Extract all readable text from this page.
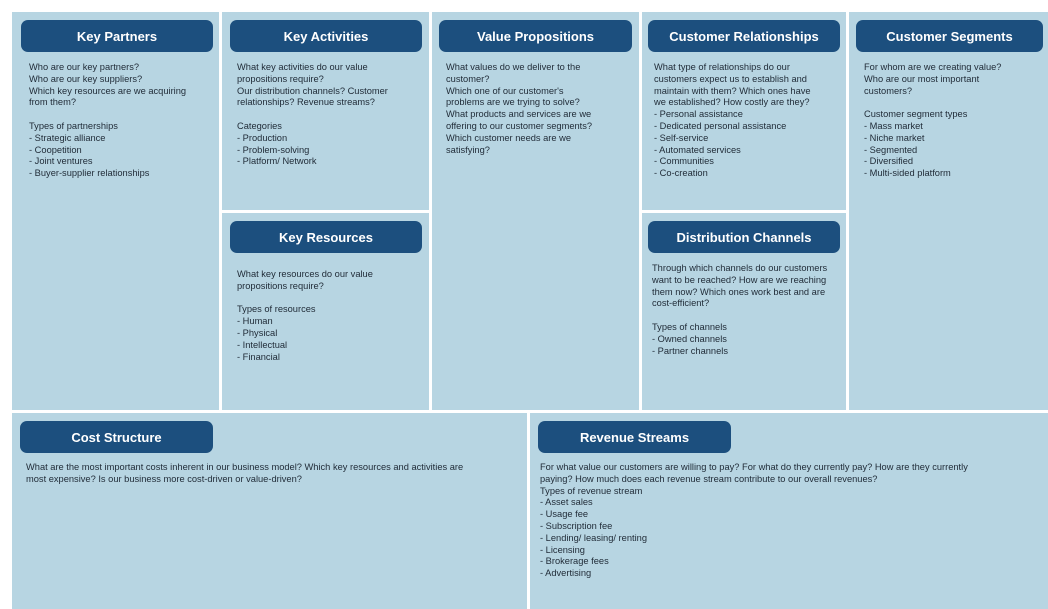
Key Partners

Who are our key partners?

Who are our key suppliers?

Which key resources are we acquiring

from them?

Types of partnerships

- Strategic alliance

- Coopetition

- Joint ventures

- Buyer-supplier relationships

Key Activities

What key activities do our value

propositions require?

Our distribution channels? Customer

relationships? Revenue streams?

Categories

- Production

- Problem-solving

- Platform/ Network

Key Resources

What key resources do our value

propositions require?

Types of resources

- Human

- Physical

- Intellectual

- Financial

Value Propositions

What values do we deliver to the

customer?

Which one of our customer's

problems are we trying to solve?

What products and services are we

offering to our customer segments?

Which customer needs are we

satisfying?

Customer Relationships

What type of relationships do our

customers expect us to establish and

maintain with them? Which ones have

we established? How costly are they?

- Personal assistance

- Dedicated personal assistance

- Self-service

- Automated services

- Communities

- Co-creation

Distribution Channels

Through which channels do our customers

want to be reached? How are we reaching

them now? Which ones work best and are

cost-efficient?

Types of channels

- Owned channels

- Partner channels

Customer Segments

For whom are we creating value?

Who are our most important

customers?

Customer segment types

- Mass market

- Niche market

- Segmented

- Diversified

- Multi-sided platform

Cost Structure

What are the most important costs inherent in our business model? Which key resources and activities are

most expensive? Is our business more cost-driven or value-driven?

Revenue Streams

For what value our customers are willing to pay? For what do they currently pay? How are they currently

paying? How much does each revenue stream contribute to our overall revenues?

Types of revenue stream

- Asset sales

- Usage fee

- Subscription fee

- Lending/ leasing/ renting

- Licensing

- Brokerage fees

- Advertising
